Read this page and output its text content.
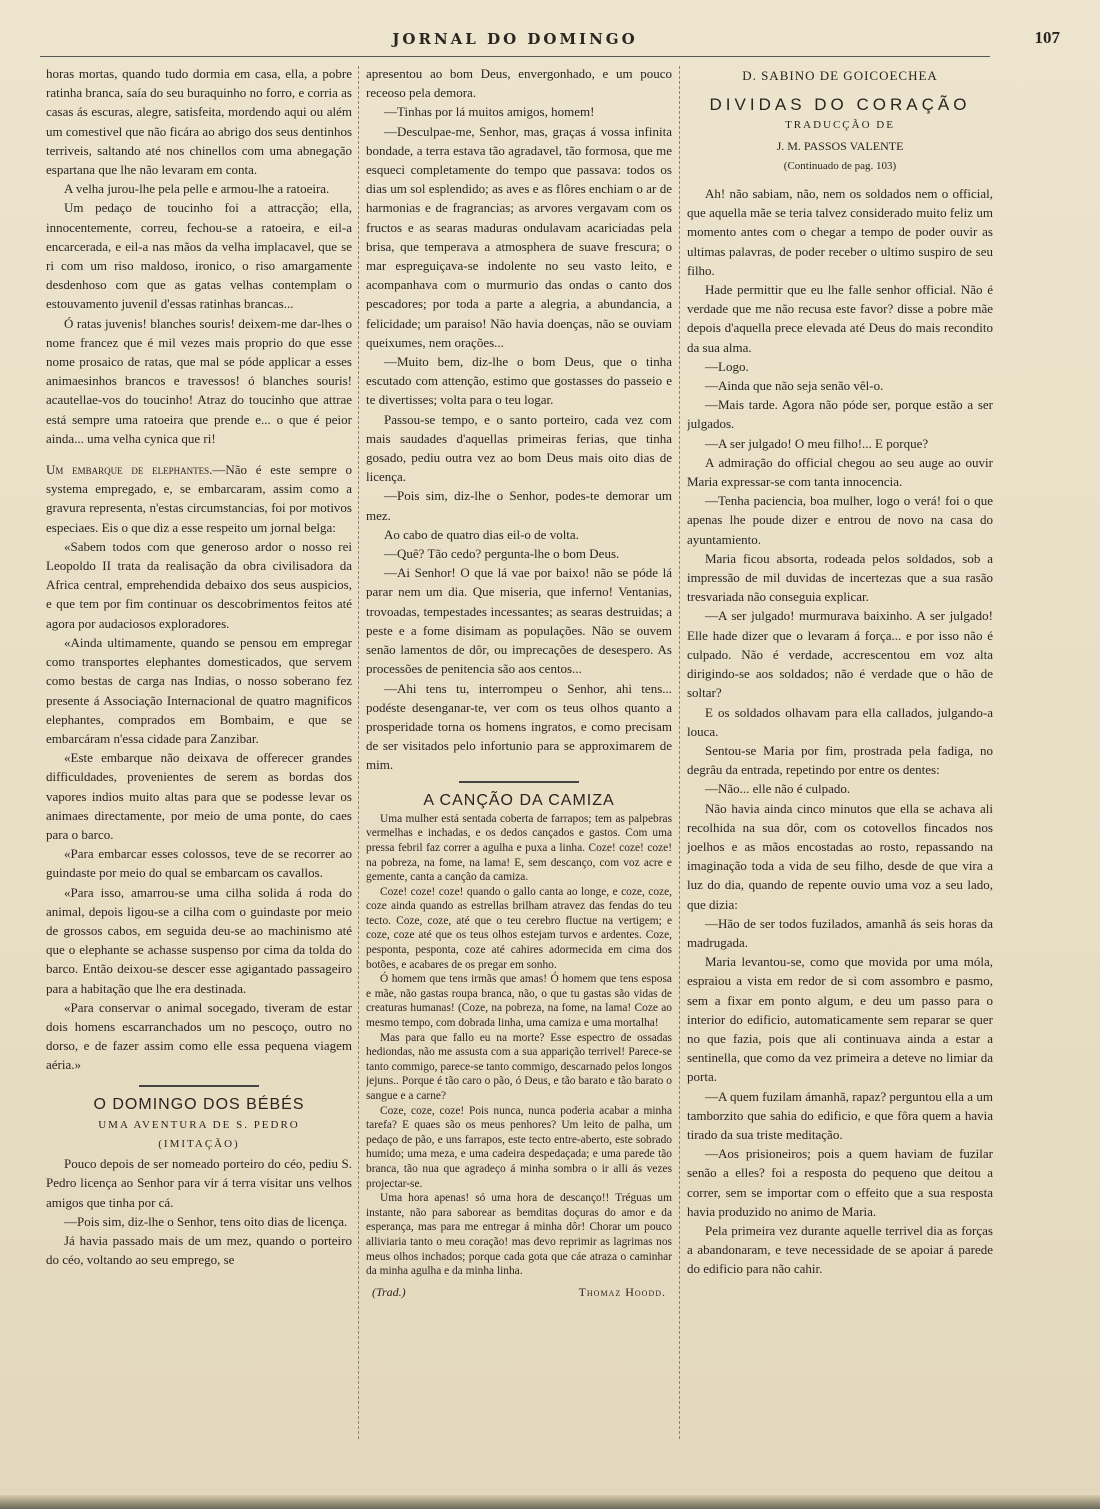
JORNAL DO DOMINGO	107

horas mortas, quando tudo dormia em casa, ella, a pobre ratinha branca, saía do seu buraquinho no forro, e corria as casas ás escuras, alegre, satisfeita, mordendo aqui ou além um comestivel que não ficára ao abrigo dos seus dentinhos terriveis, saltando até nos chinellos com uma abnegação espartana que lhe não levaram em conta.

A velha jurou-lhe pela pelle e armou-lhe a ratoeira.

Um pedaço de toucinho foi a attracção; ella, innocentemente, correu, fechou-se a ratoeira, e eil-a encarcerada, e eil-a nas mãos da velha implacavel, que se ri com um riso maldoso, ironico, o riso amargamente desdenhoso com que as gatas velhas contemplam o estouvamento juvenil d'essas ratinhas brancas...

Ó ratas juvenis! blanches souris! deixem-me dar-lhes o nome francez que é mil vezes mais proprio do que esse nome prosaico de ratas, que mal se póde applicar a esses animaesinhos brancos e travessos! ó blanches souris! acautellae-vos do toucinho! Atraz do toucinho que attrae está sempre uma ratoeira que prende e... o que é peior ainda... uma velha cynica que ri!

Um embarque de elephantes.—Não é este sempre o systema empregado, e, se embarcaram, assim como a gravura representa, n'estas circumstancias, foi por motivos especiaes. Eis o que diz a esse respeito um jornal belga:

«Sabem todos com que generoso ardor o nosso rei Leopoldo II trata da realisação da obra civilisadora da Africa central, emprehendida debaixo dos seus auspicios, e que tem por fim continuar os descobrimentos feitos até agora por audaciosos exploradores.

«Ainda ultimamente, quando se pensou em empregar como transportes elephantes domesticados, que servem como bestas de carga nas Indias, o nosso soberano fez presente á Associação Internacional de quatro magnificos elephantes, comprados em Bombaim, e que se embarcáram n'essa cidade para Zanzibar.

«Este embarque não deixava de offerecer grandes difficuldades, provenientes de serem as bordas dos vapores indios muito altas para que se podesse levar os animaes directamente, por meio de uma ponte, do caes para o barco.

«Para embarcar esses colossos, teve de se recorrer ao guindaste por meio do qual se embarcam os cavallos.

«Para isso, amarrou-se uma cilha solida á roda do animal, depois ligou-se a cilha com o guindaste por meio de grossos cabos, em seguida deu-se ao machinismo até que o elephante se achasse suspenso por cima da tolda do barco. Então deixou-se descer esse agigantado passageiro para a habitação que lhe era destinada.

«Para conservar o animal socegado, tiveram de estar dois homens escarranchados um no pescoço, outro no dorso, e de fazer assim como elle essa pequena viagem aéria.»

O DOMINGO DOS BÉBÉS
UMA AVENTURA DE S. PEDRO
(IMITAÇÃO)

Pouco depois de ser nomeado porteiro do céo, pediu S. Pedro licença ao Senhor para vir á terra visitar uns velhos amigos que tinha por cá.

—Pois sim, diz-lhe o Senhor, tens oito dias de licença.

Já havia passado mais de um mez, quando o porteiro do céo, voltando ao seu emprego, se

apresentou ao bom Deus, envergonhado, e um pouco receoso pela demora.

—Tinhas por lá muitos amigos, homem!

—Desculpae-me, Senhor, mas, graças á vossa infinita bondade, a terra estava tão agradavel, tão formosa, que me esqueci completamente do tempo que passava: todos os dias um sol esplendido; as aves e as flôres enchiam o ar de harmonias e de fragrancias; as arvores vergavam com os fructos e as searas maduras ondulavam acariciadas pela brisa, que temperava a atmosphera de suave frescura; o mar espreguiçava-se indolente no seu vasto leito, e acompanhava com o murmurio das ondas o canto dos pescadores; por toda a parte a alegria, a abundancia, a felicidade; um paraiso! Não havia doenças, não se ouviam queixumes, nem orações...

—Muito bem, diz-lhe o bom Deus, que o tinha escutado com attenção, estimo que gostasses do passeio e te divertisses; volta para o teu logar.

Passou-se tempo, e o santo porteiro, cada vez com mais saudades d'aquellas primeiras ferias, que tinha gosado, pediu outra vez ao bom Deus mais oito dias de licença.

—Pois sim, diz-lhe o Senhor, podes-te demorar um mez.

Ao cabo de quatro dias eil-o de volta.

—Quê? Tão cedo? pergunta-lhe o bom Deus.

—Ai Senhor! O que lá vae por baixo! não se póde lá parar nem um dia. Que miseria, que inferno! Ventanias, trovoadas, tempestades incessantes; as searas destruidas; a peste e a fome disimam as populações. Não se ouvem senão lamentos de dôr, ou imprecações de desespero. As processões de penitencia são aos centos...

—Ahi tens tu, interrompeu o Senhor, ahi tens... podéste desenganar-te, ver com os teus olhos quanto a prosperidade torna os homens ingratos, e como precisam de ser visitados pelo infortunio para se approximarem de mim.

A CANÇÃO DA CAMIZA

Uma mulher está sentada coberta de farrapos; tem as palpebras vermelhas e inchadas, e os dedos cançados e gastos. Com uma pressa febril faz correr a agulha e puxa a linha. Coze! coze! coze! na pobreza, na fome, na lama! E, sem descanço, com voz acre e gemente, canta a canção da camiza.

Coze! coze! coze! quando o gallo canta ao longe, e coze, coze, coze ainda quando as estrellas brilham atravez das fendas do teu tecto. Coze, coze, até que o teu cerebro fluctue na vertigem; e coze, coze até que os teus olhos estejam turvos e ardentes. Coze, pesponta, pesponta, coze até cahires adormecida em cima dos botões, e acabares de os pregar em sonho.

Ó homem que tens irmãs que amas! Ó homem que tens esposa e mãe, não gastas roupa branca, não, o que tu gastas são vidas de creaturas humanas! (Coze, na pobreza, na fome, na lama! Coze ao mesmo tempo, com dobrada linha, uma camiza e uma mortalha!

Mas para que fallo eu na morte? Esse espectro de ossadas hediondas, não me assusta com a sua apparição terrivel! Parece-se tanto commigo, parece-se tanto commigo, descarnado pelos longos jejuns.. Porque é tão caro o pão, ó Deus, e tão barato e tão barato o sangue e a carne?

Coze, coze, coze! Pois nunca, nunca poderia acabar a minha tarefa? E quaes são os meus penhores? Um leito de palha, um pedaço de pão, e uns farrapos, este tecto entre-aberto, este sobrado humido; uma meza, e uma cadeira despedaçada; e uma parede tão branca, tão nua que agradeço á minha sombra o ir alli ás vezes projectar-se.

Uma hora apenas! só uma hora de descanço!! Tréguas um instante, não para saborear as bemditas doçuras do amor e da esperança, mas para me entregar á minha dôr! Chorar um pouco alliviaria tanto o meu coração! mas devo reprimir as lagrimas nos meus olhos inchados; porque cada gota que cáe atraza o caminhar da minha agulha e da minha linha.

(Trad.)	Thomaz Hoodd.
D. SABINO DE GOICOECHEA
DIVIDAS DO CORAÇÃO
TRADUCÇÃO DE
J. M. PASSOS VALENTE
(Continuado de pag. 103)

Ah! não sabiam, não, nem os soldados nem o official, que aquella mãe se teria talvez considerado muito feliz um momento antes com o chegar a tempo de poder ouvir as ultimas palavras, de poder receber o ultimo suspiro de seu filho.

Hade permittir que eu lhe falle senhor official. Não é verdade que me não recusa este favor? disse a pobre mãe depois d'aquella prece elevada até Deus do mais recondito da sua alma.

—Logo.

—Ainda que não seja senão vêl-o.

—Mais tarde. Agora não póde ser, porque estão a ser julgados.

—A ser julgado! O meu filho!... E porque?

A admiração do official chegou ao seu auge ao ouvir Maria expressar-se com tanta innocencia.

—Tenha paciencia, boa mulher, logo o verá! foi o que apenas lhe poude dizer e entrou de novo na casa do ayuntamiento.

Maria ficou absorta, rodeada pelos soldados, sob a impressão de mil duvidas de incertezas que a sua rasão tresvariada não conseguia explicar.

—A ser julgado! murmurava baixinho. A ser julgado! Elle hade dizer que o levaram á força... e por isso não é culpado. Não é verdade, accrescentou em voz alta dirigindo-se aos soldados; não é verdade que o hão de soltar?

E os soldados olhavam para ella callados, julgando-a louca.

Sentou-se Maria por fim, prostrada pela fadiga, no degrâu da entrada, repetindo por entre os dentes:

—Não... elle não é culpado.

Não havia ainda cinco minutos que ella se achava ali recolhida na sua dôr, com os cotovellos fincados nos joelhos e as mãos encostadas ao rosto, repassando na imaginação toda a vida de seu filho, desde de que vira a luz do dia, quando de repente ouvio uma voz a seu lado, que dizia:

—Hão de ser todos fuzilados, amanhã ás seis horas da madrugada.

Maria levantou-se, como que movida por uma móla, espraiou a vista em redor de si com assombro e pasmo, sem a fixar em ponto algum, e deu um passo para o interior do edificio, automaticamente sem reparar se quer no que fazia, pois que ali continuava ainda a estar a sentinella, que como da vez primeira a deteve no limiar da porta.

—A quem fuzilam ámanhã, rapaz? perguntou ella a um tamborzito que sahia do edificio, e que fôra quem a havia tirado da sua triste meditação.

—Aos prisioneiros; pois a quem haviam de fuzilar senão a elles? foi a resposta do pequeno que deitou a correr, sem se importar com o effeito que a sua resposta havia produzido no animo de Maria.

Pela primeira vez durante aquelle terrivel dia as forças a abandonaram, e teve necessidade de se apoiar á parede do edificio para não cahir.
